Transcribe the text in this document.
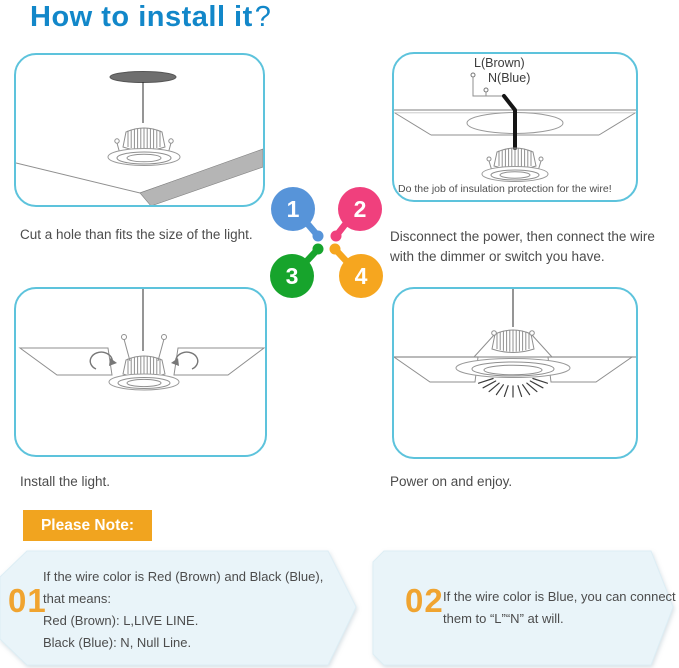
How to install it?
Cut a hole than fits the size of the light.
L(Brown)
N(Blue)
Do the job of insulation protection for the wire!
Disconnect the power, then connect the wire
with the dimmer or switch you have.
Install the light.	Power on and enjoy.
1 2
3 4
Please Note:
01
If the wire color is Red (Brown) and Black (Blue),
that means:
Red (Brown): L,LIVE LINE.
Black (Blue): N, Null Line.
02 If the wire color is Blue, you can connect
them to “L”“N” at will.
